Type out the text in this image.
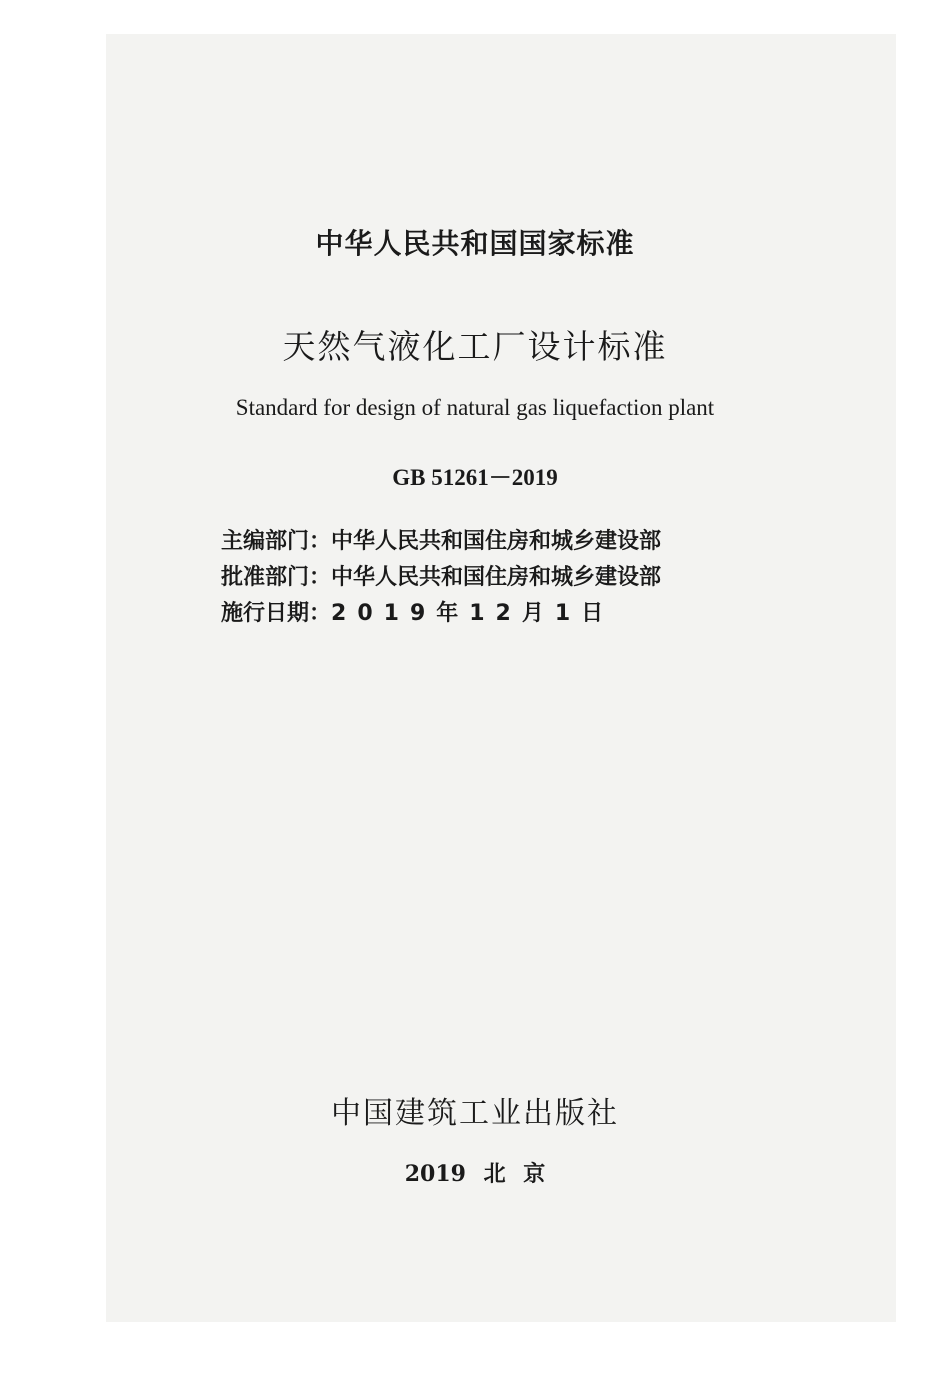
中华人民共和国国家标准
天然气液化工厂设计标准
Standard for design of natural gas liquefaction plant
GB 51261－2019
主编部门：中华人民共和国住房和城乡建设部
批准部门：中华人民共和国住房和城乡建设部
施行日期：2019年12月1日
中国建筑工业出版社
2019 北 京
